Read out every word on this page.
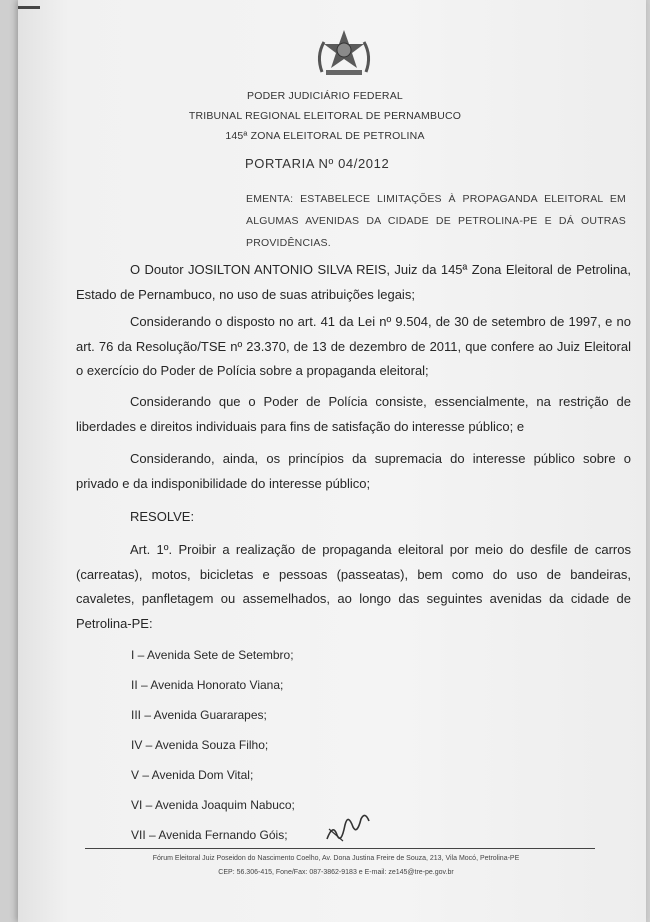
PODER JUDICIÁRIO FEDERAL
TRIBUNAL REGIONAL ELEITORAL DE PERNAMBUCO
145ª ZONA ELEITORAL DE PETROLINA
PORTARIA Nº 04/2012
EMENTA: ESTABELECE LIMITAÇÕES À PROPAGANDA ELEITORAL EM ALGUMAS AVENIDAS DA CIDADE DE PETROLINA-PE E DÁ OUTRAS PROVIDÊNCIAS.
O Doutor JOSILTON ANTONIO SILVA REIS, Juiz da 145ª Zona Eleitoral de Petrolina, Estado de Pernambuco, no uso de suas atribuições legais;
Considerando o disposto no art. 41 da Lei nº 9.504, de 30 de setembro de 1997, e no art. 76 da Resolução/TSE nº 23.370, de 13 de dezembro de 2011, que confere ao Juiz Eleitoral o exercício do Poder de Polícia sobre a propaganda eleitoral;
Considerando que o Poder de Polícia consiste, essencialmente, na restrição de liberdades e direitos individuais para fins de satisfação do interesse público; e
Considerando, ainda, os princípios da supremacia do interesse público sobre o privado e da indisponibilidade do interesse público;
RESOLVE:
Art. 1º. Proibir a realização de propaganda eleitoral por meio do desfile de carros (carreatas), motos, bicicletas e pessoas (passeatas), bem como do uso de bandeiras, cavaletes, panfletagem ou assemelhados, ao longo das seguintes avenidas da cidade de Petrolina-PE:
I – Avenida Sete de Setembro;
II – Avenida Honorato Viana;
III – Avenida Guararapes;
IV – Avenida Souza Filho;
V – Avenida Dom Vital;
VI – Avenida Joaquim Nabuco;
VII – Avenida Fernando Góis;
Fórum Eleitoral Juiz Poseidon do Nascimento Coelho, Av. Dona Justina Freire de Souza, 213, Vila Mocó, Petrolina-PE
CEP: 56.306-415, Fone/Fax: 087-3862-9183 e E-mail: ze145@tre-pe.gov.br
